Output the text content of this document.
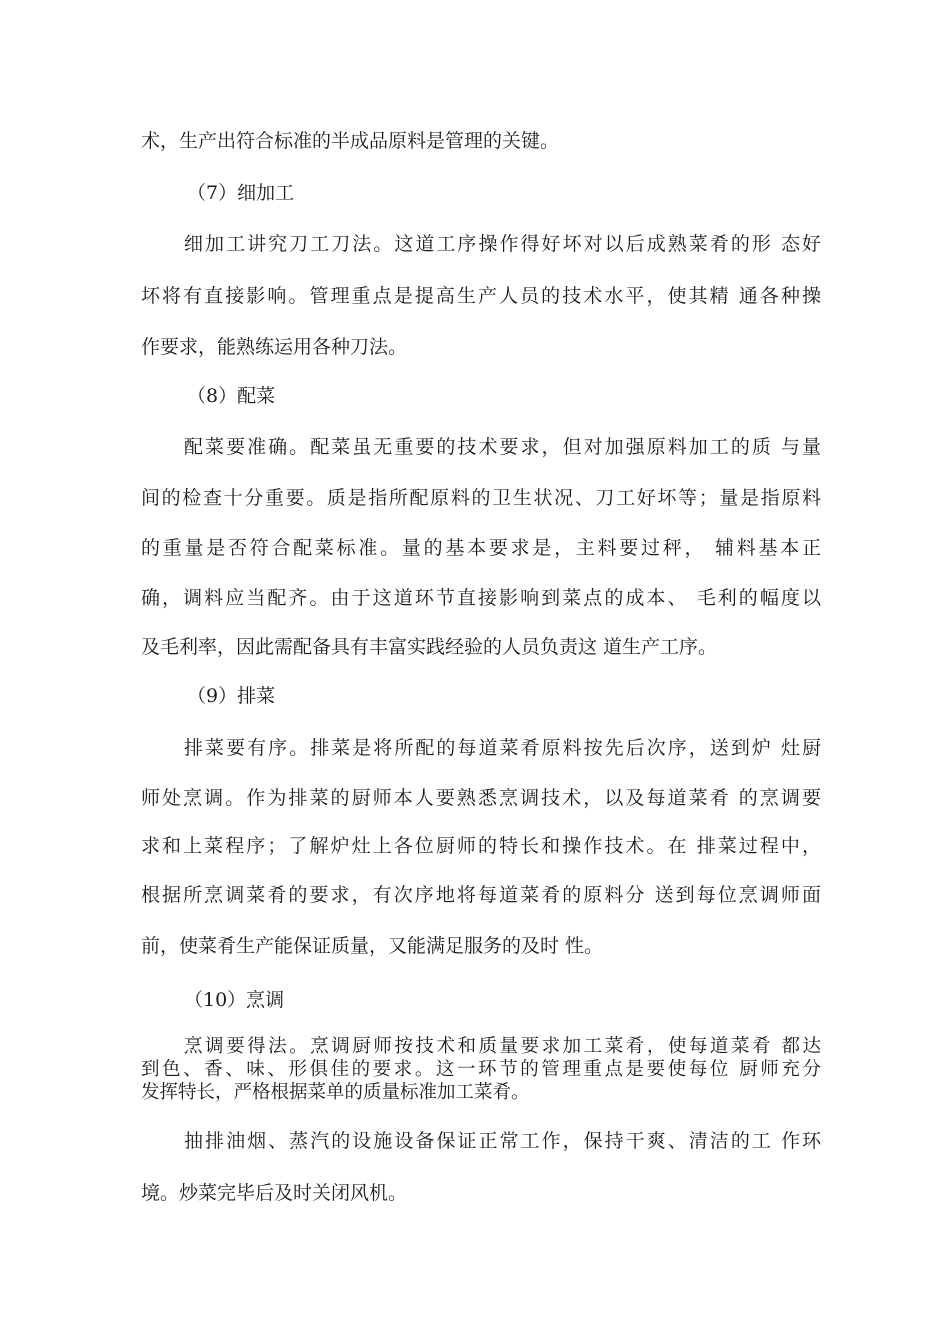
术，生产出符合标准的半成品原料是管理的关键。
（7）细加工
细加工讲究刀工刀法。这道工序操作得好坏对以后成熟菜肴的形 态好
坏将有直接影响。管理重点是提高生产人员的技术水平，使其精 通各种操
作要求，能熟练运用各种刀法。
（8）配菜
配菜要准确。配菜虽无重要的技术要求，但对加强原料加工的质 与量
间的检查十分重要。质是指所配原料的卫生状况、刀工好坏等；量是指原料
的重量是否符合配菜标准。量的基本要求是，主料要过秤， 辅料基本正
确，调料应当配齐。由于这道环节直接影响到菜点的成本、 毛利的幅度以
及毛利率，因此需配备具有丰富实践经验的人员负责这 道生产工序。
（9）排菜
排菜要有序。排菜是将所配的每道菜肴原料按先后次序，送到炉 灶厨
师处烹调。作为排菜的厨师本人要熟悉烹调技术，以及每道菜肴 的烹调要
求和上菜程序；了解炉灶上各位厨师的特长和操作技术。在 排菜过程中，
根据所烹调菜肴的要求，有次序地将每道菜肴的原料分 送到每位烹调师面
前，使菜肴生产能保证质量，又能满足服务的及时 性。
（10）烹调
烹调要得法。烹调厨师按技术和质量要求加工菜肴，使每道菜肴 都达
到色、香、味、形俱佳的要求。这一环节的管理重点是要使每位 厨师充分
发挥特长，严格根据菜单的质量标准加工菜肴。
抽排油烟、蒸汽的设施设备保证正常工作，保持干爽、清洁的工 作环
境。炒菜完毕后及时关闭风机。
